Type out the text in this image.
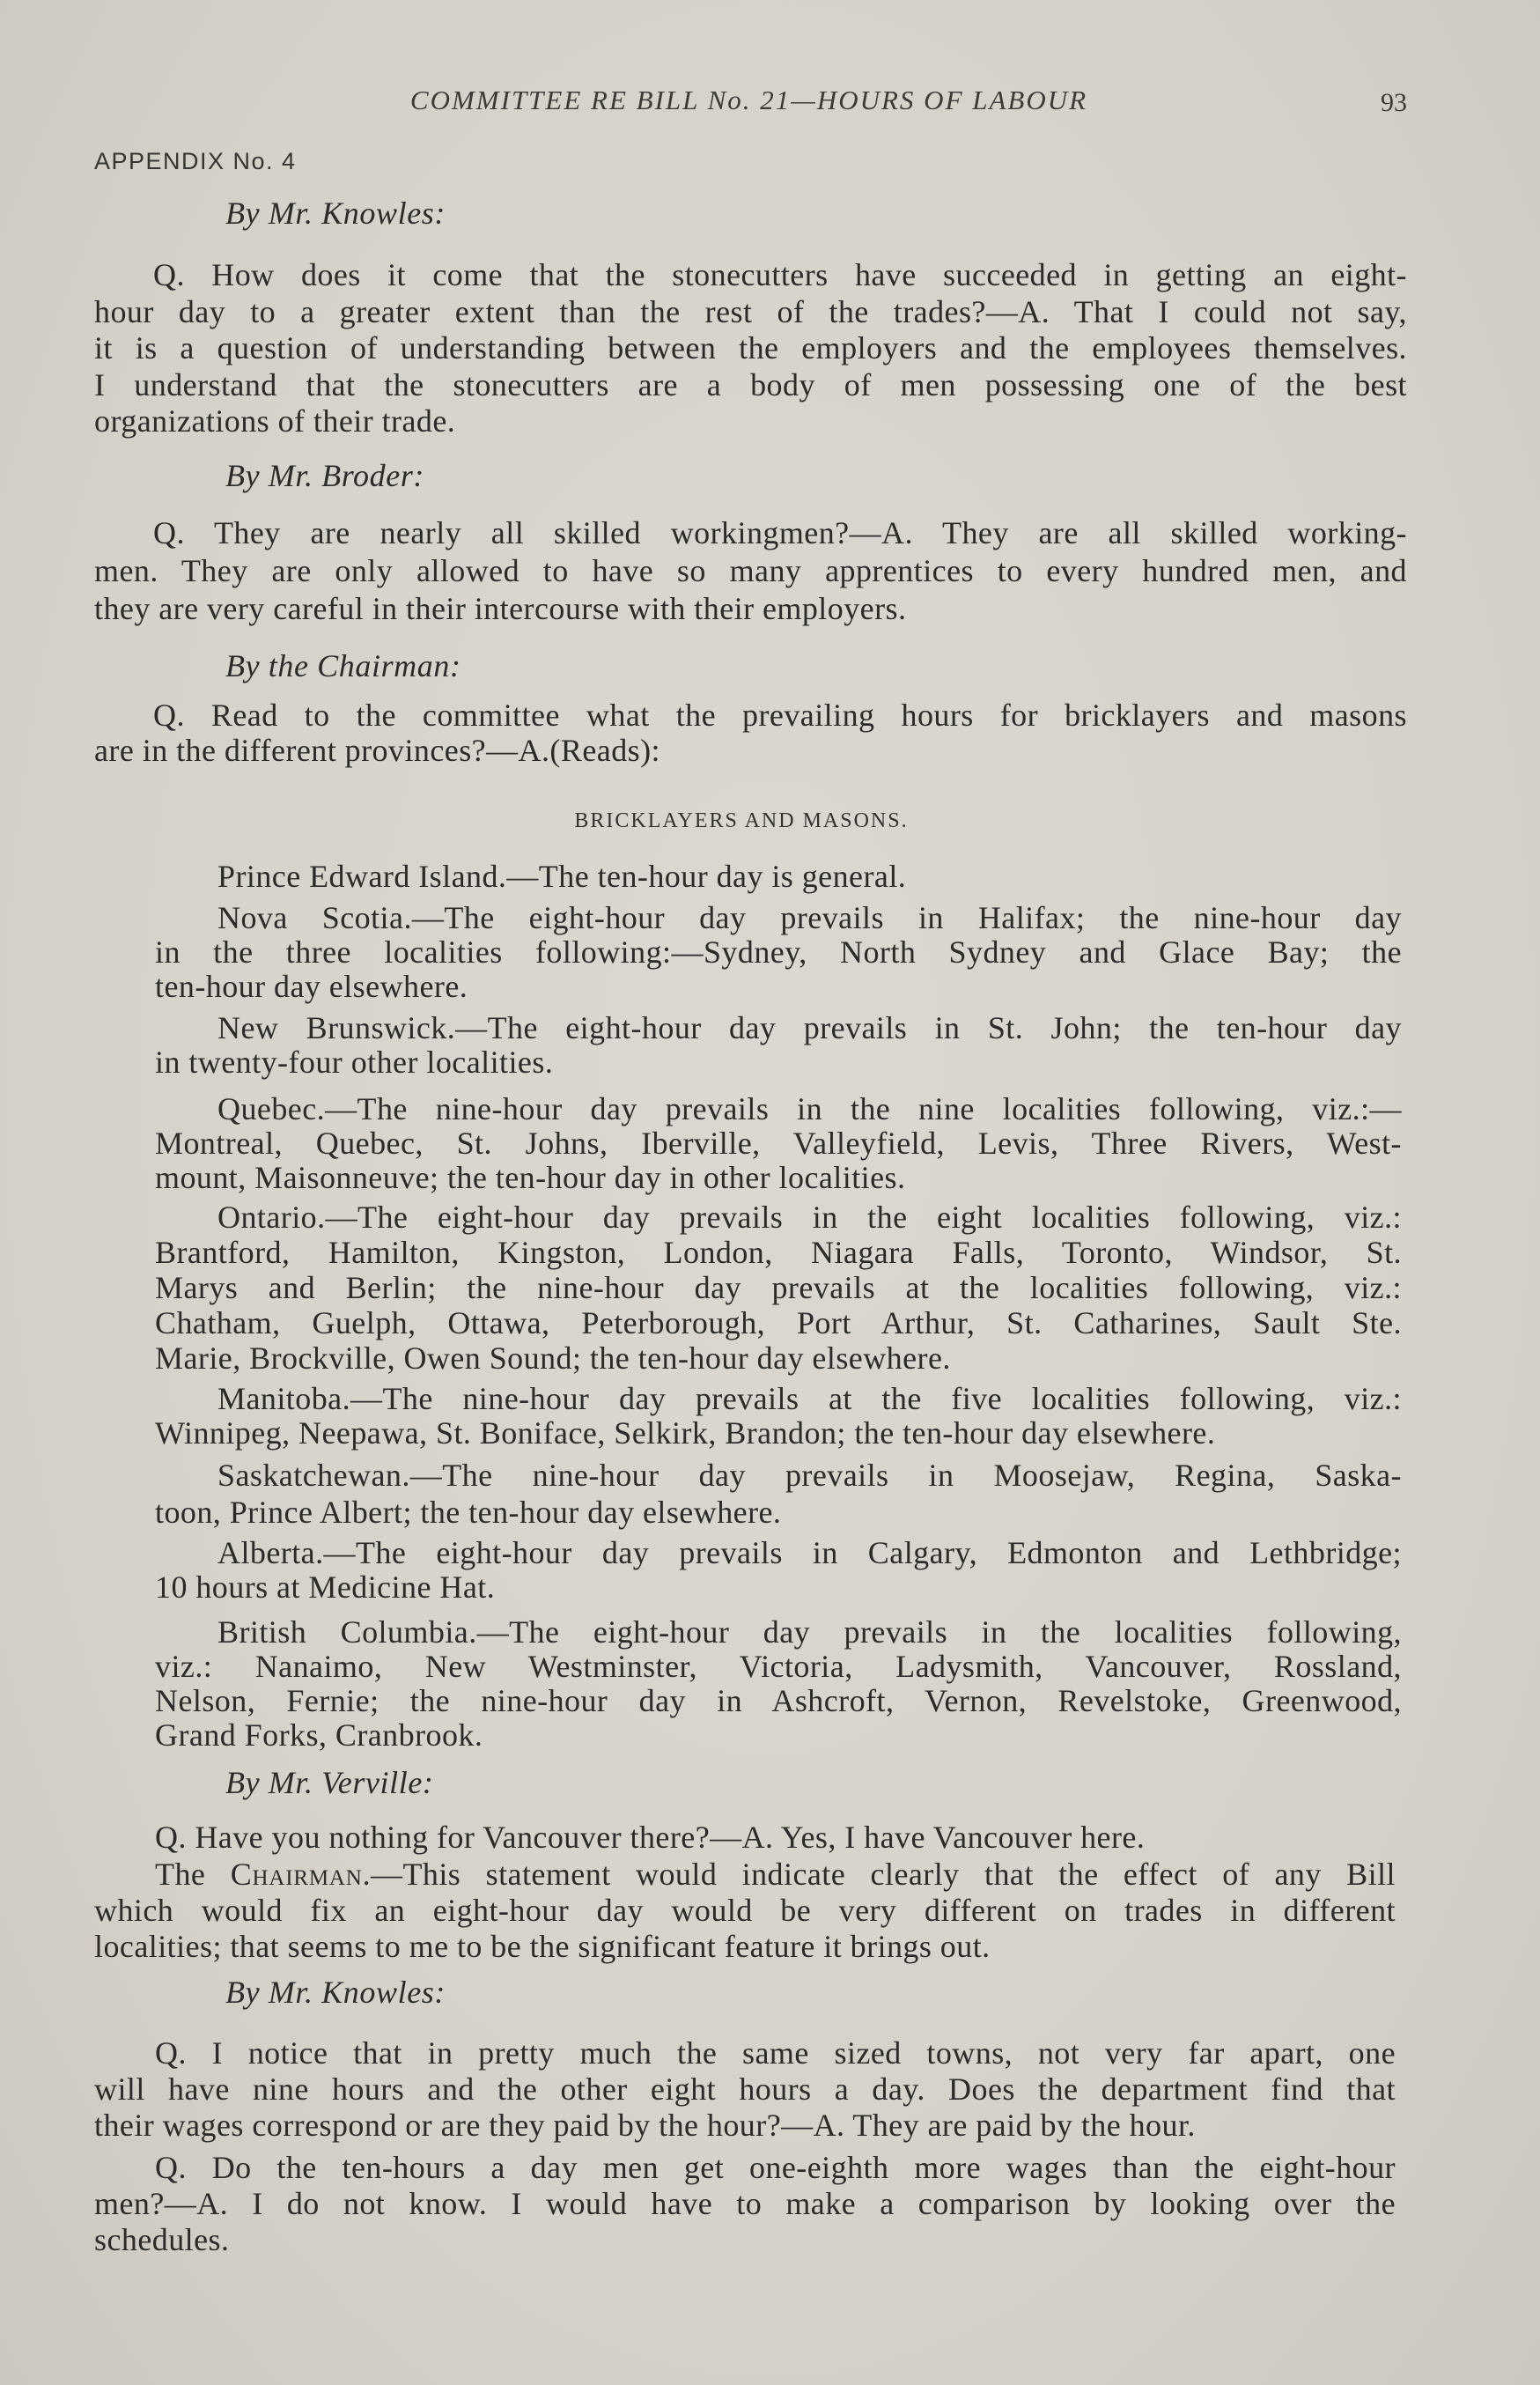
COMMITTEE RE BILL No. 21—HOURS OF LABOUR	93
APPENDIX No. 4
By Mr. Knowles:
Q. How does it come that the stonecutters have succeeded in getting an eight-
hour day to a greater extent than the rest of the trades?—A. That I could not say,
it is a question of understanding between the employers and the employees themselves.
I understand that the stonecutters are a body of men possessing one of the best
organizations of their trade.
By Mr. Broder:
Q. They are nearly all skilled workingmen?—A. They are all skilled working-
men. They are only allowed to have so many apprentices to every hundred men, and
they are very careful in their intercourse with their employers.
By the Chairman:
Q. Read to the committee what the prevailing hours for bricklayers and masons
are in the different provinces?—A.(Reads):
BRICKLAYERS AND MASONS.
Prince Edward Island.—The ten-hour day is general.
Nova Scotia.—The eight-hour day prevails in Halifax; the nine-hour day
in the three localities following:—Sydney, North Sydney and Glace Bay; the
ten-hour day elsewhere.
New Brunswick.—The eight-hour day prevails in St. John; the ten-hour day
in twenty-four other localities.
Quebec.—The nine-hour day prevails in the nine localities following, viz.:—
Montreal, Quebec, St. Johns, Iberville, Valleyfield, Levis, Three Rivers, West-
mount, Maisonneuve; the ten-hour day in other localities.
Ontario.—The eight-hour day prevails in the eight localities following, viz.:
Brantford, Hamilton, Kingston, London, Niagara Falls, Toronto, Windsor, St.
Marys and Berlin; the nine-hour day prevails at the localities following, viz.:
Chatham, Guelph, Ottawa, Peterborough, Port Arthur, St. Catharines, Sault Ste.
Marie, Brockville, Owen Sound; the ten-hour day elsewhere.
Manitoba.—The nine-hour day prevails at the five localities following, viz.:
Winnipeg, Neepawa, St. Boniface, Selkirk, Brandon; the ten-hour day elsewhere.
Saskatchewan.—The nine-hour day prevails in Moosejaw, Regina, Saska-
toon, Prince Albert; the ten-hour day elsewhere.
Alberta.—The eight-hour day prevails in Calgary, Edmonton and Lethbridge;
10 hours at Medicine Hat.
British Columbia.—The eight-hour day prevails in the localities following,
viz.: Nanaimo, New Westminster, Victoria, Ladysmith, Vancouver, Rossland,
Nelson, Fernie; the nine-hour day in Ashcroft, Vernon, Revelstoke, Greenwood,
Grand Forks, Cranbrook.
By Mr. Verville:
Q. Have you nothing for Vancouver there?—A. Yes, I have Vancouver here.
The Chairman.—This statement would indicate clearly that the effect of any Bill
which would fix an eight-hour day would be very different on trades in different
localities; that seems to me to be the significant feature it brings out.
By Mr. Knowles:
Q. I notice that in pretty much the same sized towns, not very far apart, one
will have nine hours and the other eight hours a day. Does the department find that
their wages correspond or are they paid by the hour?—A. They are paid by the hour.
Q. Do the ten-hours a day men get one-eighth more wages than the eight-hour
men?—A. I do not know. I would have to make a comparison by looking over the
schedules.
